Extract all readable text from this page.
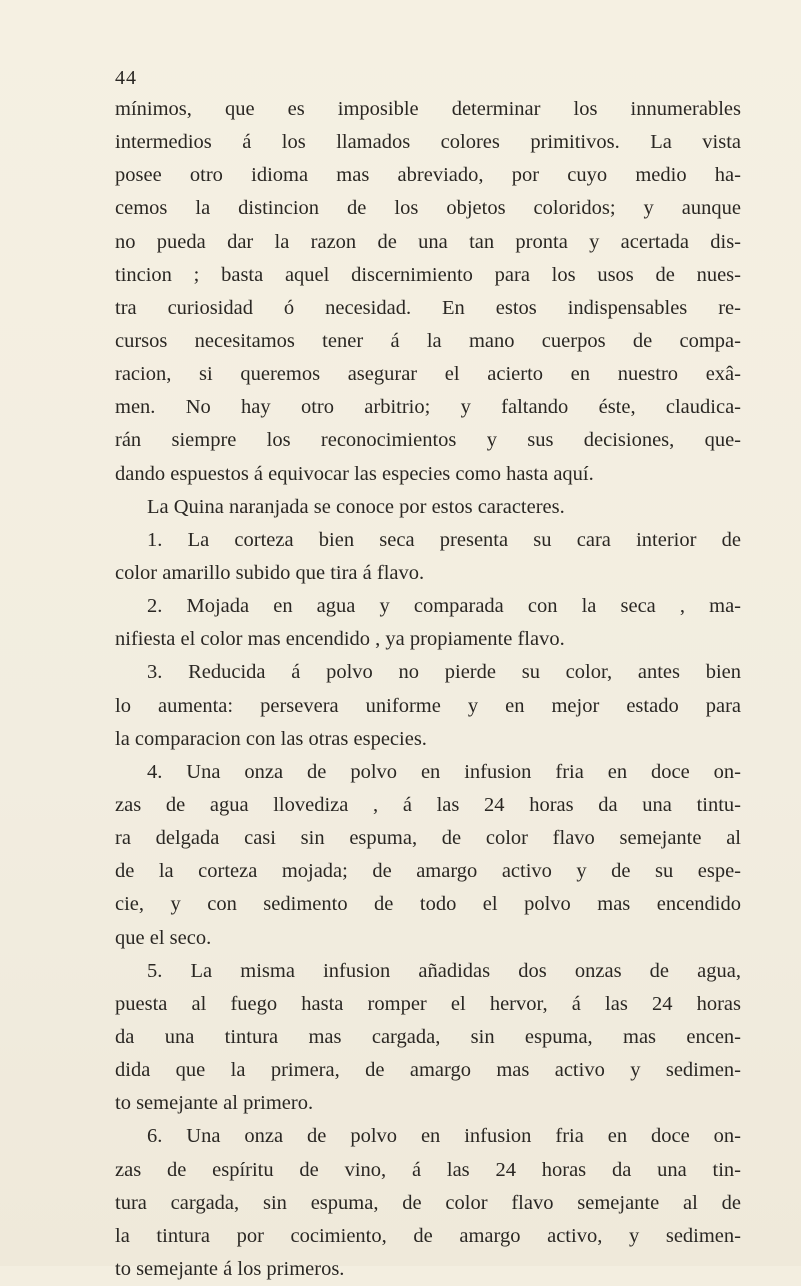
44
mínimos, que es imposible determinar los innumerables
intermedios á los llamados colores primitivos. La vista
posee otro idioma mas abreviado, por cuyo medio ha-
cemos la distincion de los objetos coloridos; y aunque
no pueda dar la razon de una tan pronta y acertada dis-
tincion ; basta aquel discernimiento para los usos de nues-
tra curiosidad ó necesidad. En estos indispensables re-
cursos necesitamos tener á la mano cuerpos de compa-
racion, si queremos asegurar el acierto en nuestro exâ-
men. No hay otro arbitrio; y faltando éste, claudica-
rán siempre los reconocimientos y sus decisiones, que-
dando espuestos á equivocar las especies como hasta aquí.
La Quina naranjada se conoce por estos caracteres.
1. La corteza bien seca presenta su cara interior de
color amarillo subido que tira á flavo.
2. Mojada en agua y comparada con la seca , ma-
nifiesta el color mas encendido , ya propiamente flavo.
3. Reducida á polvo no pierde su color, antes bien
lo aumenta: persevera uniforme y en mejor estado para
la comparacion con las otras especies.
4. Una onza de polvo en infusion fria en doce on-
zas de agua llovediza , á las 24 horas da una tintu-
ra delgada casi sin espuma, de color flavo semejante al
de la corteza mojada; de amargo activo y de su espe-
cie, y con sedimento de todo el polvo mas encendido
que el seco.
5. La misma infusion añadidas dos onzas de agua,
puesta al fuego hasta romper el hervor, á las 24 horas
da una tintura mas cargada, sin espuma, mas encen-
dida que la primera, de amargo mas activo y sedimen-
to semejante al primero.
6. Una onza de polvo en infusion fria en doce on-
zas de espíritu de vino, á las 24 horas da una tin-
tura cargada, sin espuma, de color flavo semejante al de
la tintura por cocimiento, de amargo activo, y sedimen-
to semejante á los primeros.
